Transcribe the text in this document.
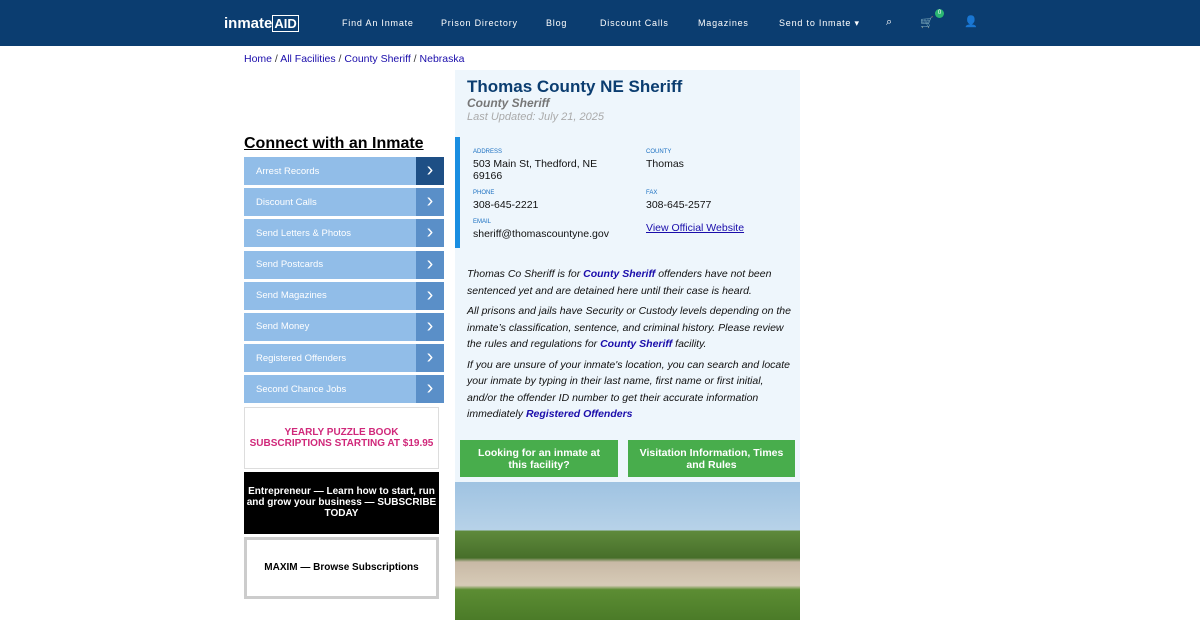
inmate AID	Find An Inmate	Prison Directory	Blog	Discount Calls	Magazines	Send to Inmate ▾ ⌕	🛒
0
👤
Home / All Facilities / County Sheriff / Nebraska
Connect with an Inmate
Arrest Records	›
Discount Calls	›
Send Letters & Photos	›
Send Postcards	›
Send Magazines	›
Send Money	›
Registered Offenders	›
Second Chance Jobs	›
YEARLY PUZZLE BOOK SUBSCRIPTIONS STARTING AT $19.95
Entrepreneur — Learn how to start, run and grow your business — SUBSCRIBE TODAY
MAXIM — Browse Subscriptions
Thomas County NE Sheriff
County Sheriff
Last Updated: July 21, 2025
ADDRESS
503 Main St, Thedford, NE 69166
COUNTY
Thomas
PHONE
308-645-2221
FAX
308-645-2577
EMAIL
sheriff@thomascountyne.gov	View Official Website

Thomas Co Sheriff is for County Sheriff offenders have not been sentenced yet and are detained here until their case is heard.

All prisons and jails have Security or Custody levels depending on the inmate’s classification, sentence, and criminal history. Please review the rules and regulations for County Sheriff facility.

If you are unsure of your inmate's location, you can search and locate your inmate by typing in their last name, first name or first initial, and/or the offender ID number to get their accurate information immediately Registered Offenders

Looking for an inmate at this facility?
Visitation Information, Times and Rules
